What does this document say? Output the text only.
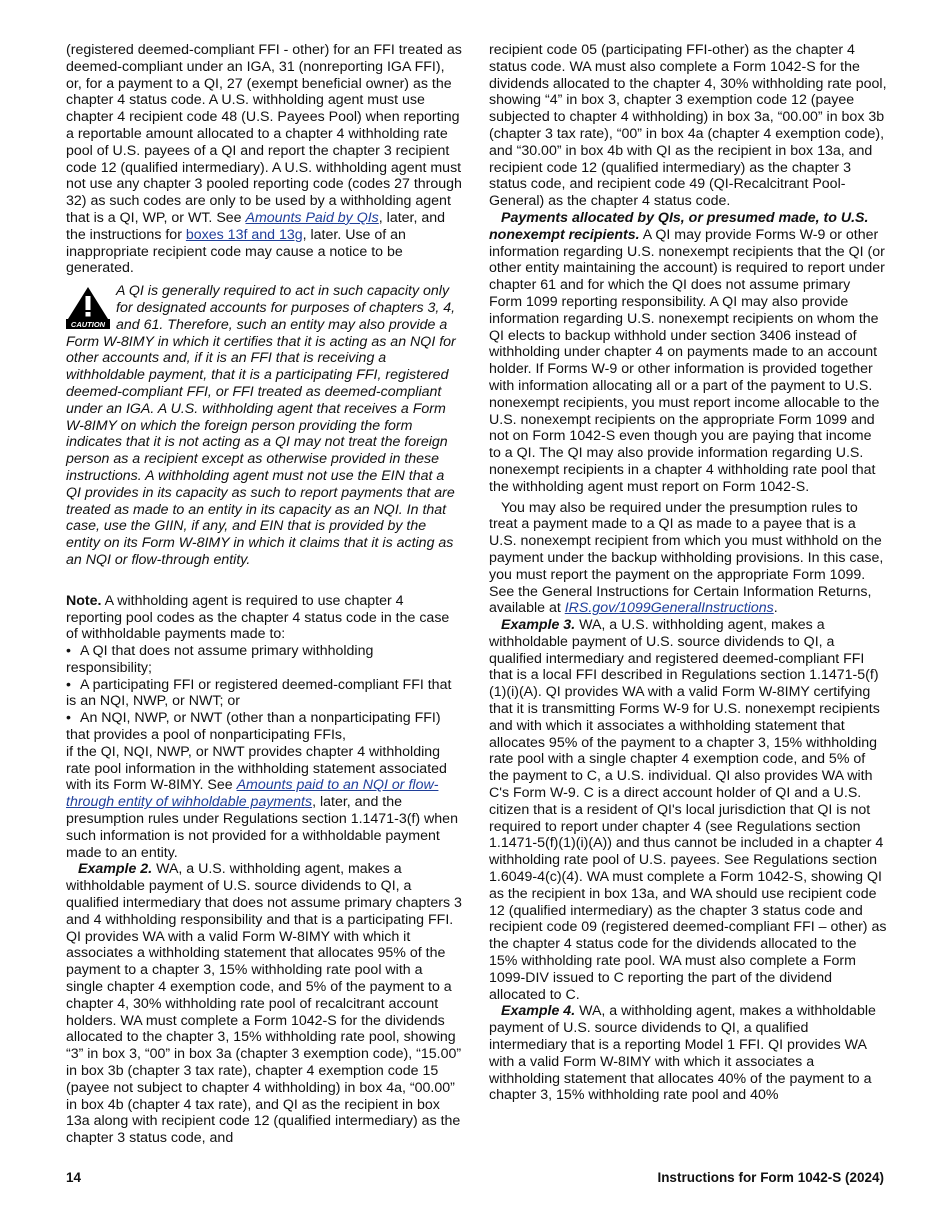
(registered deemed-compliant FFI - other) for an FFI treated as deemed-compliant under an IGA, 31 (nonreporting IGA FFI), or, for a payment to a QI, 27 (exempt beneficial owner) as the chapter 4 status code. A U.S. withholding agent must use chapter 4 recipient code 48 (U.S. Payees Pool) when reporting a reportable amount allocated to a chapter 4 withholding rate pool of U.S. payees of a QI and report the chapter 3 recipient code 12 (qualified intermediary). A U.S. withholding agent must not use any chapter 3 pooled reporting code (codes 27 through 32) as such codes are only to be used by a withholding agent that is a QI, WP, or WT. See Amounts Paid by QIs, later, and the instructions for boxes 13f and 13g, later. Use of an inappropriate recipient code may cause a notice to be generated.

CAUTION
A QI is generally required to act in such capacity only for designated accounts for purposes of chapters 3, 4, and 61. Therefore, such an entity may also provide a Form W-8IMY in which it certifies that it is acting as an NQI for other accounts and, if it is an FFI that is receiving a withholdable payment, that it is a participating FFI, registered deemed-compliant FFI, or FFI treated as deemed-compliant under an IGA. A U.S. withholding agent that receives a Form W-8IMY on which the foreign person providing the form indicates that it is not acting as a QI may not treat the foreign person as a recipient except as otherwise provided in these instructions. A withholding agent must not use the EIN that a QI provides in its capacity as such to report payments that are treated as made to an entity in its capacity as an NQI. In that case, use the GIIN, if any, and EIN that is provided by the entity on its Form W-8IMY in which it claims that it is acting as an NQI or flow-through entity.

Note. A withholding agent is required to use chapter 4 reporting pool codes as the chapter 4 status code in the case of withholdable payments made to:

• A QI that does not assume primary withholding responsibility;

• A participating FFI or registered deemed-compliant FFI that is an NQI, NWP, or NWT; or

• An NQI, NWP, or NWT (other than a nonparticipating FFI) that provides a pool of nonparticipating FFIs,

if the QI, NQI, NWP, or NWT provides chapter 4 withholding rate pool information in the withholding statement associated with its Form W-8IMY. See Amounts paid to an NQI or flow-through entity of wihholdable payments, later, and the presumption rules under Regulations section 1.1471-3(f) when such information is not provided for a withholdable payment made to an entity.

Example 2. WA, a U.S. withholding agent, makes a withholdable payment of U.S. source dividends to QI, a qualified intermediary that does not assume primary chapters 3 and 4 withholding responsibility and that is a participating FFI. QI provides WA with a valid Form W-8IMY with which it associates a withholding statement that allocates 95% of the payment to a chapter 3, 15% withholding rate pool with a single chapter 4 exemption code, and 5% of the payment to a chapter 4, 30% withholding rate pool of recalcitrant account holders. WA must complete a Form 1042-S for the dividends allocated to the chapter 3, 15% withholding rate pool, showing “3” in box 3, “00” in box 3a (chapter 3 exemption code), “15.00” in box 3b (chapter 3 tax rate), chapter 4 exemption code 15 (payee not subject to chapter 4 withholding) in box 4a, “00.00” in box 4b (chapter 4 tax rate), and QI as the recipient in box 13a along with recipient code 12 (qualified intermediary) as the chapter 3 status code, and

recipient code 05 (participating FFI-other) as the chapter 4 status code. WA must also complete a Form 1042-S for the dividends allocated to the chapter 4, 30% withholding rate pool, showing “4” in box 3, chapter 3 exemption code 12 (payee subjected to chapter 4 withholding) in box 3a, “00.00” in box 3b (chapter 3 tax rate), “00” in box 4a (chapter 4 exemption code), and “30.00” in box 4b with QI as the recipient in box 13a, and recipient code 12 (qualified intermediary) as the chapter 3 status code, and recipient code 49 (QI-Recalcitrant Pool-General) as the chapter 4 status code.

Payments allocated by QIs, or presumed made, to U.S. nonexempt recipients. A QI may provide Forms W-9 or other information regarding U.S. nonexempt recipients that the QI (or other entity maintaining the account) is required to report under chapter 61 and for which the QI does not assume primary Form 1099 reporting responsibility. A QI may also provide information regarding U.S. nonexempt recipients on whom the QI elects to backup withhold under section 3406 instead of withholding under chapter 4 on payments made to an account holder. If Forms W-9 or other information is provided together with information allocating all or a part of the payment to U.S. nonexempt recipients, you must report income allocable to the U.S. nonexempt recipients on the appropriate Form 1099 and not on Form 1042-S even though you are paying that income to a QI. The QI may also provide information regarding U.S. nonexempt recipients in a chapter 4 withholding rate pool that the withholding agent must report on Form 1042-S.

You may also be required under the presumption rules to treat a payment made to a QI as made to a payee that is a U.S. nonexempt recipient from which you must withhold on the payment under the backup withholding provisions. In this case, you must report the payment on the appropriate Form 1099. See the General Instructions for Certain Information Returns, available at IRS.gov/1099GeneralInstructions.

Example 3. WA, a U.S. withholding agent, makes a withholdable payment of U.S. source dividends to QI, a qualified intermediary and registered deemed-compliant FFI that is a local FFI described in Regulations section 1.1471-5(f)(1)(i)(A). QI provides WA with a valid Form W-8IMY certifying that it is transmitting Forms W-9 for U.S. nonexempt recipients and with which it associates a withholding statement that allocates 95% of the payment to a chapter 3, 15% withholding rate pool with a single chapter 4 exemption code, and 5% of the payment to C, a U.S. individual. QI also provides WA with C's Form W-9. C is a direct account holder of QI and a U.S. citizen that is a resident of QI's local jurisdiction that QI is not required to report under chapter 4 (see Regulations section 1.1471-5(f)(1)(i)(A)) and thus cannot be included in a chapter 4 withholding rate pool of U.S. payees. See Regulations section 1.6049-4(c)(4). WA must complete a Form 1042-S, showing QI as the recipient in box 13a, and WA should use recipient code 12 (qualified intermediary) as the chapter 3 status code and recipient code 09 (registered deemed-compliant FFI – other) as the chapter 4 status code for the dividends allocated to the 15% withholding rate pool. WA must also complete a Form 1099-DIV issued to C reporting the part of the dividend allocated to C.

Example 4. WA, a withholding agent, makes a withholdable payment of U.S. source dividends to QI, a qualified intermediary that is a reporting Model 1 FFI. QI provides WA with a valid Form W-8IMY with which it associates a withholding statement that allocates 40% of the payment to a chapter 3, 15% withholding rate pool and 40%

14	Instructions for Form 1042-S (2024)
